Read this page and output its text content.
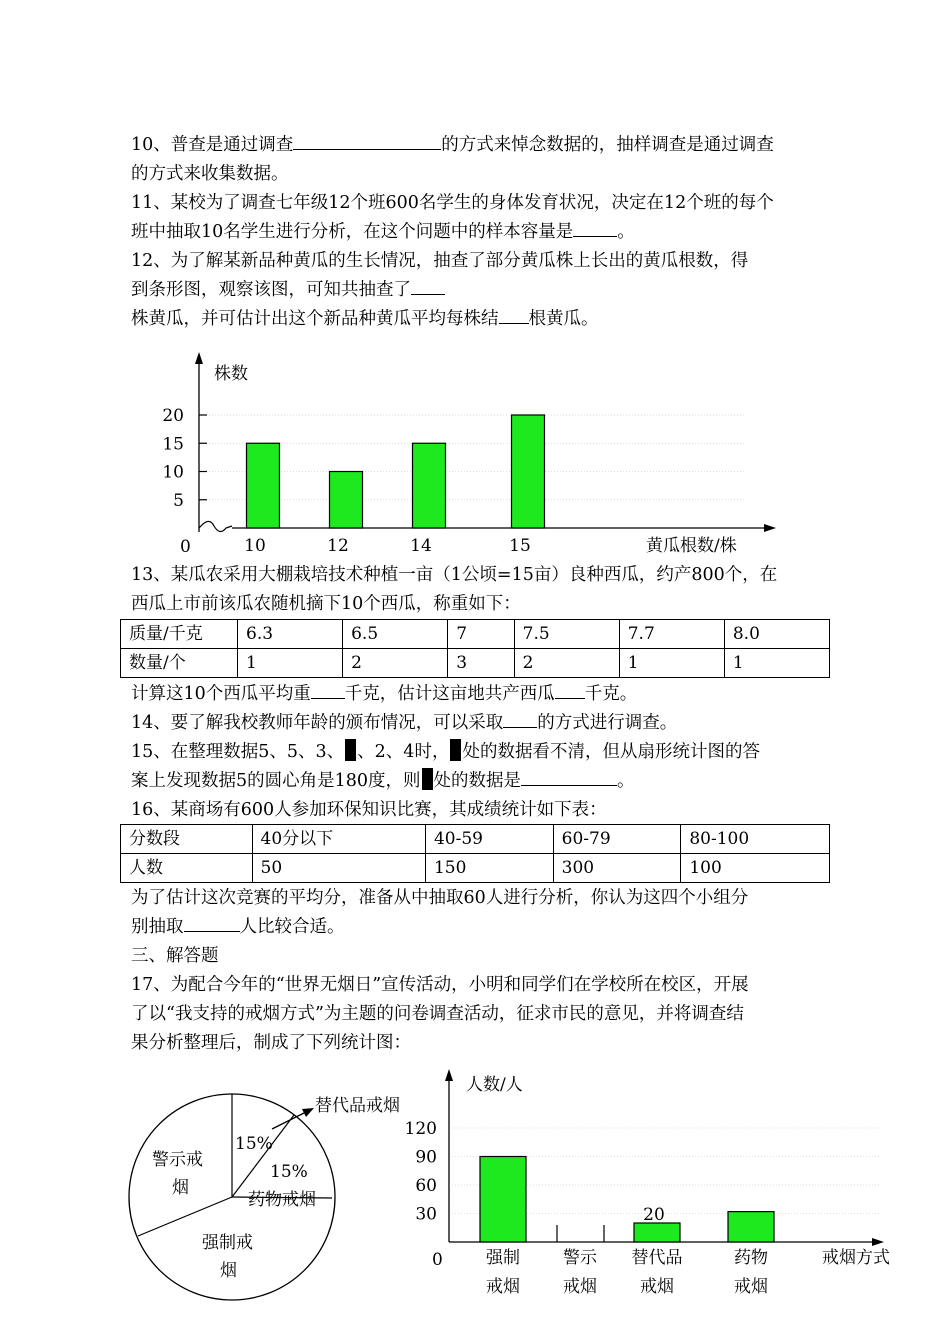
10、普查是通过调查	的方式来悼念数据的，抽样调查是通过调查
的方式来收集数据。
11、某校为了调查七年级12个班600名学生的身体发育状况，决定在12个班的每个
班中抽取10名学生进行分析，在这个问题中的样本容量是	。
12、为了解某新品种黄瓜的生长情况，抽查了部分黄瓜株上长出的黄瓜根数，得
到条形图，观察该图，可知共抽查了
株黄瓜，并可估计出这个新品种黄瓜平均每株结 根黄瓜。
株数
黄瓜根数/株
0
5
10
15
20
10	12	14	15
13、某瓜农采用大棚栽培技术种植一亩（1公顷=15亩）良种西瓜，约产800个，在
西瓜上市前该瓜农随机摘下10个西瓜，称重如下：
质量/千克	6.3	6.5	7	7.5	7.7	8.0
数量/个	1	2	3	2	1	1
计算这10个西瓜平均重 千克，估计这亩地共产西瓜 千克。
14、要了解我校教师年龄的颁布情况，可以采取 的方式进行调查。
15、在整理数据5、5、3、 、2、4时， 处的数据看不清，但从扇形统计图的答
案上发现数据5的圆心角是180度，则 处的数据是	。
16、某商场有600人参加环保知识比赛，其成绩统计如下表：
分数段	40分以下	40-59	60-79	80-100
人数	50	150	300	100
为了估计这次竞赛的平均分，准备从中抽取60人进行分析，你认为这四个小组分
别抽取	人比较合适。
三、解答题
17、为配合今年的“世界无烟日”宣传活动，小明和同学们在学校所在校区，开展
了以“我支持的戒烟方式”为主题的问卷调查活动，征求市民的意见，并将调查结
果分析整理后，制成了下列统计图：
替代品戒烟
15%
15%
药物戒烟
警示戒
烟
强制戒
烟
人数/人
戒烟方式
0
30
60
90
120
20
强制
戒烟
警示
戒烟
替代品
戒烟
药物
戒烟
